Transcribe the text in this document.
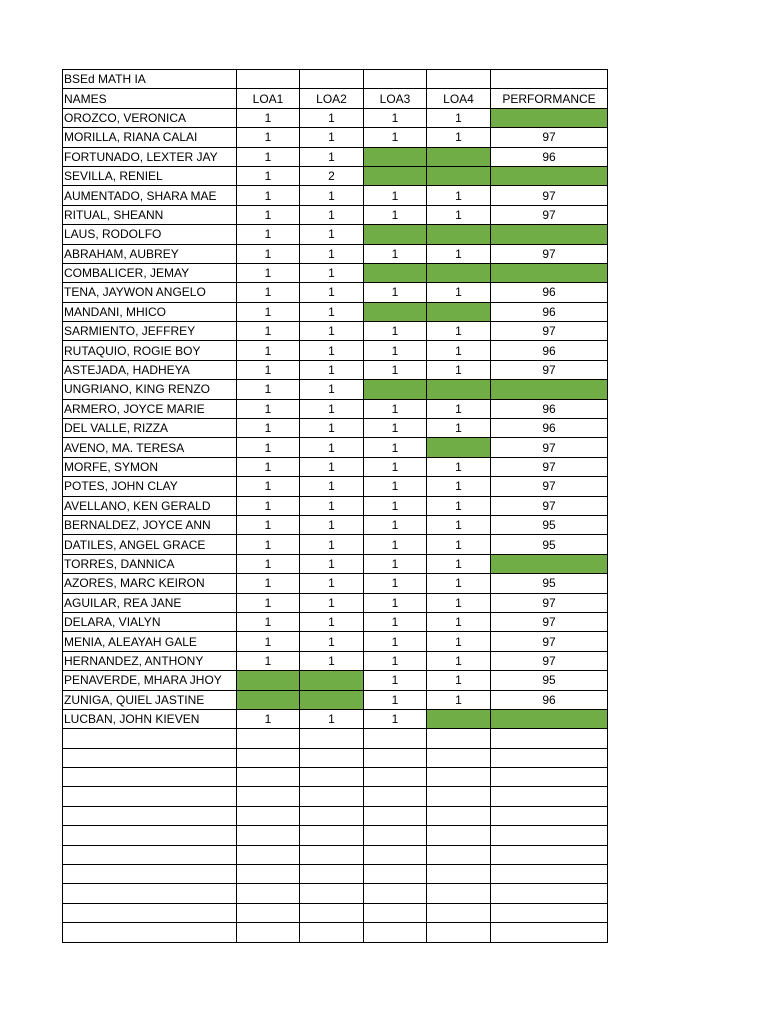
BSEd MATH IA					
NAMES	LOA1	LOA2	LOA3	LOA4	PERFORMANCE
OROZCO, VERONICA	1	1	1	1	
MORILLA, RIANA CALAI	1	1	1	1	97
FORTUNADO, LEXTER JAY	1	1			96
SEVILLA, RENIEL	1	2			
AUMENTADO, SHARA MAE	1	1	1	1	97
RITUAL, SHEANN	1	1	1	1	97
LAUS, RODOLFO	1	1			
ABRAHAM, AUBREY	1	1	1	1	97
COMBALICER, JEMAY	1	1			
TENA, JAYWON ANGELO	1	1	1	1	96
MANDANI, MHICO	1	1			96
SARMIENTO, JEFFREY	1	1	1	1	97
RUTAQUIO, ROGIE BOY	1	1	1	1	96
ASTEJADA, HADHEYA	1	1	1	1	97
UNGRIANO, KING RENZO	1	1			
ARMERO, JOYCE MARIE	1	1	1	1	96
DEL VALLE, RIZZA	1	1	1	1	96
AVENO, MA. TERESA	1	1	1		97
MORFE, SYMON	1	1	1	1	97
POTES, JOHN CLAY	1	1	1	1	97
AVELLANO, KEN GERALD	1	1	1	1	97
BERNALDEZ, JOYCE ANN	1	1	1	1	95
DATILES, ANGEL GRACE	1	1	1	1	95
TORRES, DANNICA	1	1	1	1	
AZORES, MARC KEIRON	1	1	1	1	95
AGUILAR, REA JANE	1	1	1	1	97
DELARA, VIALYN	1	1	1	1	97
MENIA, ALEAYAH GALE	1	1	1	1	97
HERNANDEZ, ANTHONY	1	1	1	1	97
PENAVERDE, MHARA JHOY			1	1	95
ZUNIGA, QUIEL JASTINE			1	1	96
LUCBAN, JOHN KIEVEN	1	1	1		
